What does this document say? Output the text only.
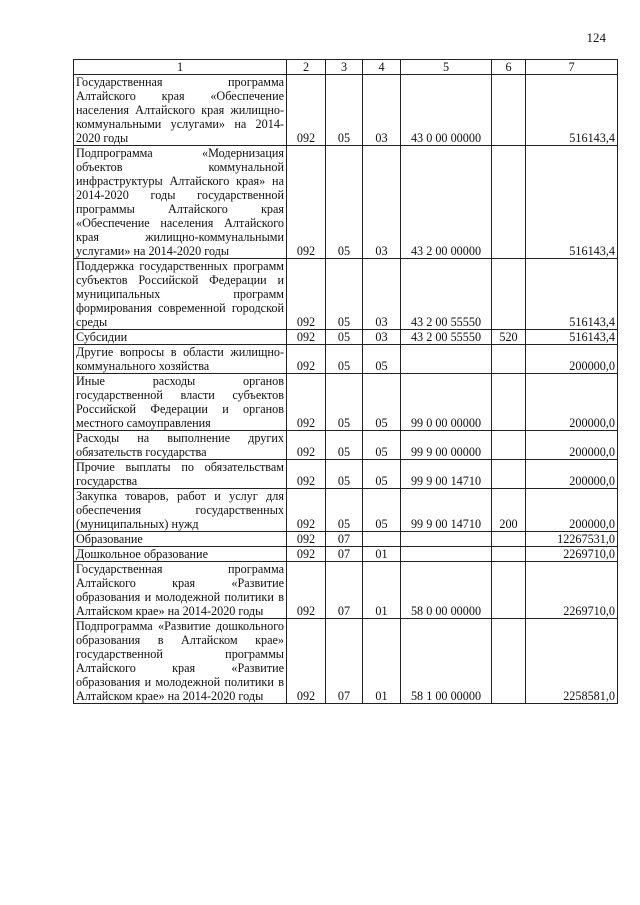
124
1	2	3	4	5	6	7
Государственная программа Алтайского края «Обеспечение населения Алтайского края жилищно-коммунальными услугами» на 2014-2020 годы	092	05	03	43 0 00 00000		516143,4
Подпрограмма «Модернизация объектов коммунальной инфраструктуры Алтайского края» на 2014-2020 годы государственной программы Алтайского края «Обеспечение населения Алтайского края жилищно-коммунальными услугами» на 2014-2020 годы	092	05	03	43 2 00 00000		516143,4
Поддержка государственных программ субъектов Российской Федерации и муниципальных программ формирования современной городской среды	092	05	03	43 2 00 55550		516143,4
Субсидии	092	05	03	43 2 00 55550	520	516143,4
Другие вопросы в области жилищно-коммунального хозяйства	092	05	05			200000,0
Иные расходы органов государственной власти субъектов Российской Федерации и органов местного самоуправления	092	05	05	99 0 00 00000		200000,0
Расходы на выполнение других обязательств государства	092	05	05	99 9 00 00000		200000,0
Прочие выплаты по обязательствам государства	092	05	05	99 9 00 14710		200000,0
Закупка товаров, работ и услуг для обеспечения государственных (муниципальных) нужд	092	05	05	99 9 00 14710	200	200000,0
Образование	092	07				12267531,0
Дошкольное образование	092	07	01			2269710,0
Государственная программа Алтайского края «Развитие образования и молодежной политики в Алтайском крае» на 2014-2020 годы	092	07	01	58 0 00 00000		2269710,0
Подпрограмма «Развитие дошкольного образования в Алтайском крае» государственной программы Алтайского края «Развитие образования и молодежной политики в Алтайском крае» на 2014-2020 годы	092	07	01	58 1 00 00000		2258581,0
